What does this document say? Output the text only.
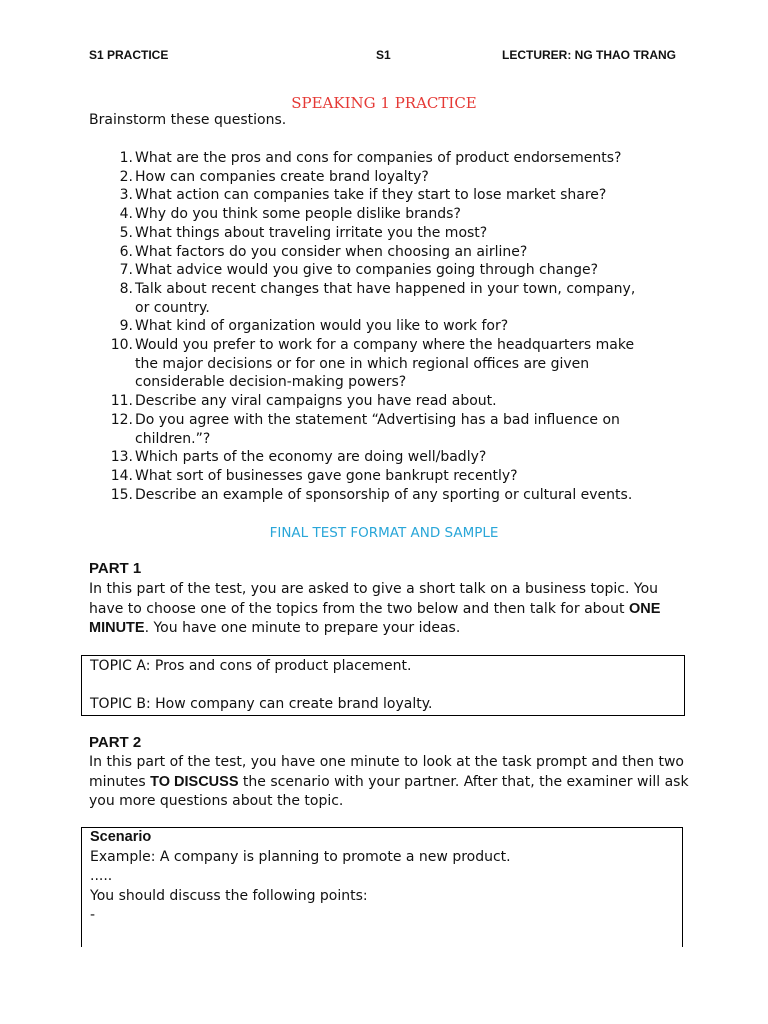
S1 PRACTICE	S1	LECTURER: NG THAO TRANG
SPEAKING 1 PRACTICE
Brainstorm these questions.
1. What are the pros and cons for companies of product endorsements?
2. How can companies create brand loyalty?
3. What action can companies take if they start to lose market share?
4. Why do you think some people dislike brands?
5. What things about traveling irritate you the most?
6. What factors do you consider when choosing an airline?
7. What advice would you give to companies going through change?
8. Talk about recent changes that have happened in your town, company, or country.
9. What kind of organization would you like to work for?
10. Would you prefer to work for a company where the headquarters make the major decisions or for one in which regional offices are given considerable decision-making powers?
11. Describe any viral campaigns you have read about.
12. Do you agree with the statement “Advertising has a bad influence on children.”?
13. Which parts of the economy are doing well/badly?
14. What sort of businesses gave gone bankrupt recently?
15. Describe an example of sponsorship of any sporting or cultural events.
FINAL TEST FORMAT AND SAMPLE
PART 1
In this part of the test, you are asked to give a short talk on a business topic. You have to choose one of the topics from the two below and then talk for about ONE MINUTE. You have one minute to prepare your ideas.
TOPIC A: Pros and cons of product placement.
TOPIC B: How company can create brand loyalty.
PART 2
In this part of the test, you have one minute to look at the task prompt and then two minutes TO DISCUSS the scenario with your partner. After that, the examiner will ask you more questions about the topic.
Scenario
Example: A company is planning to promote a new product.
.....
You should discuss the following points:
-
